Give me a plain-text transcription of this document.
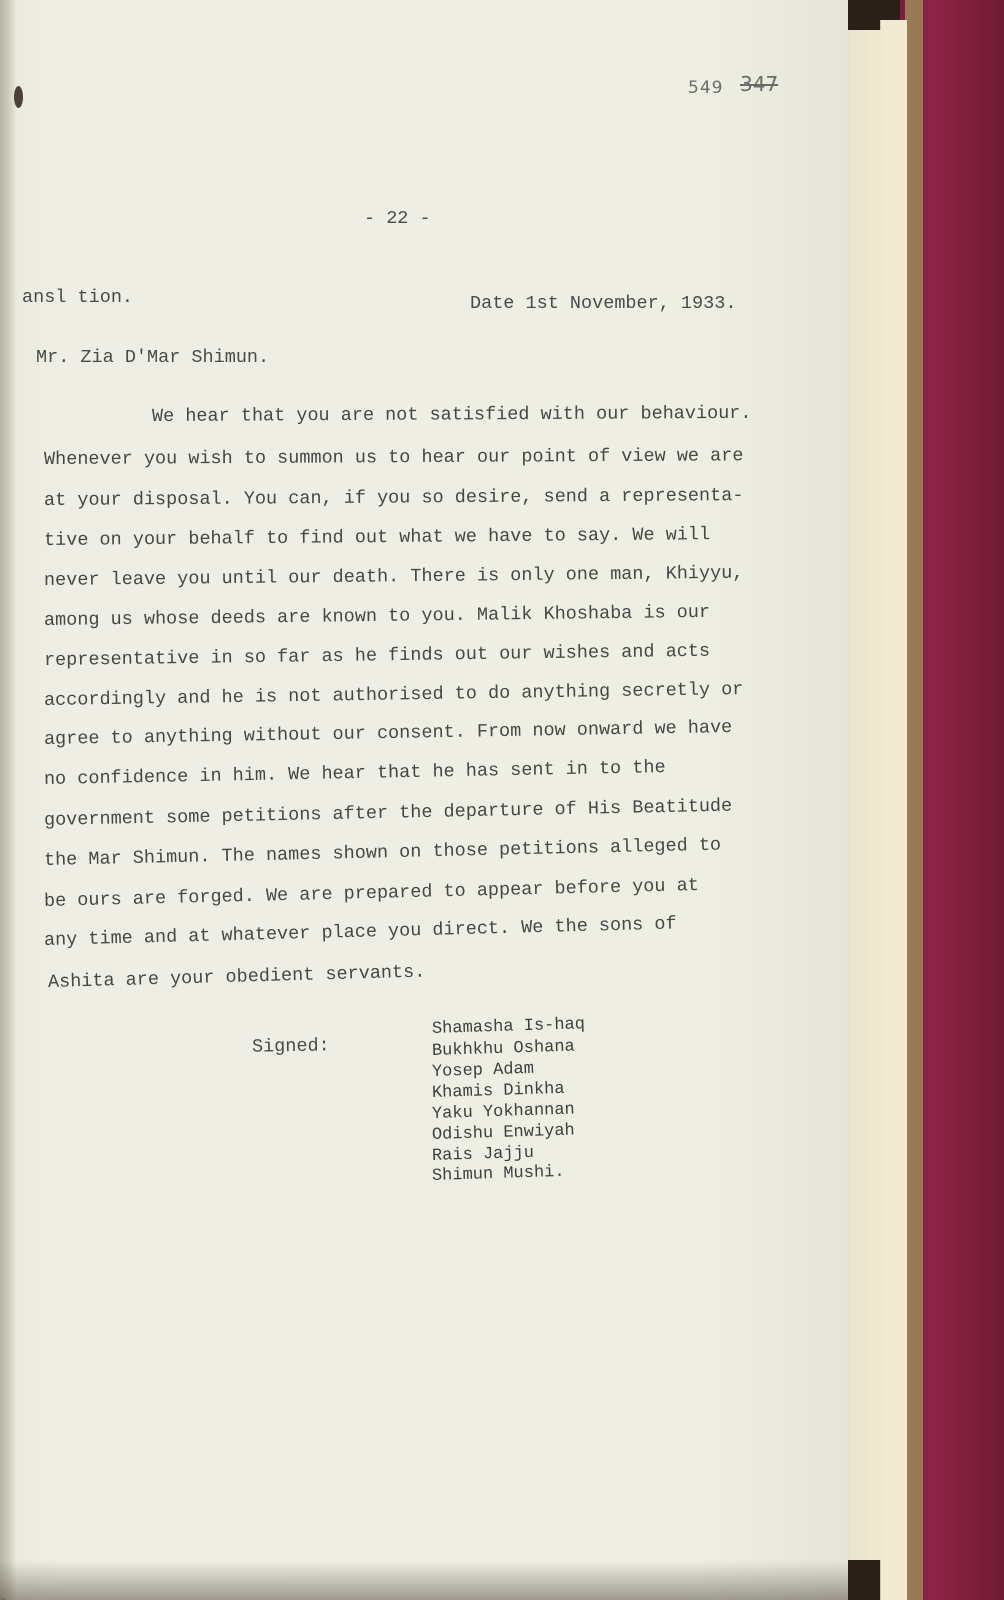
549 347
- 22 -
ansl tion.	Date 1st November, 1933.
Mr. Zia D'Mar Shimun.
We hear that you are not satisfied with our behaviour.
Whenever you wish to summon us to hear our point of view we are
at your disposal. You can, if you so desire, send a representa-
tive on your behalf to find out what we have to say. We will
never leave you until our death. There is only one man, Khiyyu,
among us whose deeds are known to you. Malik Khoshaba is our
representative in so far as he finds out our wishes and acts
accordingly and he is not authorised to do anything secretly or
agree to anything without our consent. From now onward we have
no confidence in him. We hear that he has sent in to the
government some petitions after the departure of His Beatitude
the Mar Shimun. The names shown on those petitions alleged to
be ours are forged. We are prepared to appear before you at
any time and at whatever place you direct. We the sons of
Ashita are your obedient servants.
Signed:
Shamasha Is-haq
Bukhkhu Oshana
Yosep Adam
Khamis Dinkha
Yaku Yokhannan
Odishu Enwiyah
Rais Jajju
Shimun Mushi.
